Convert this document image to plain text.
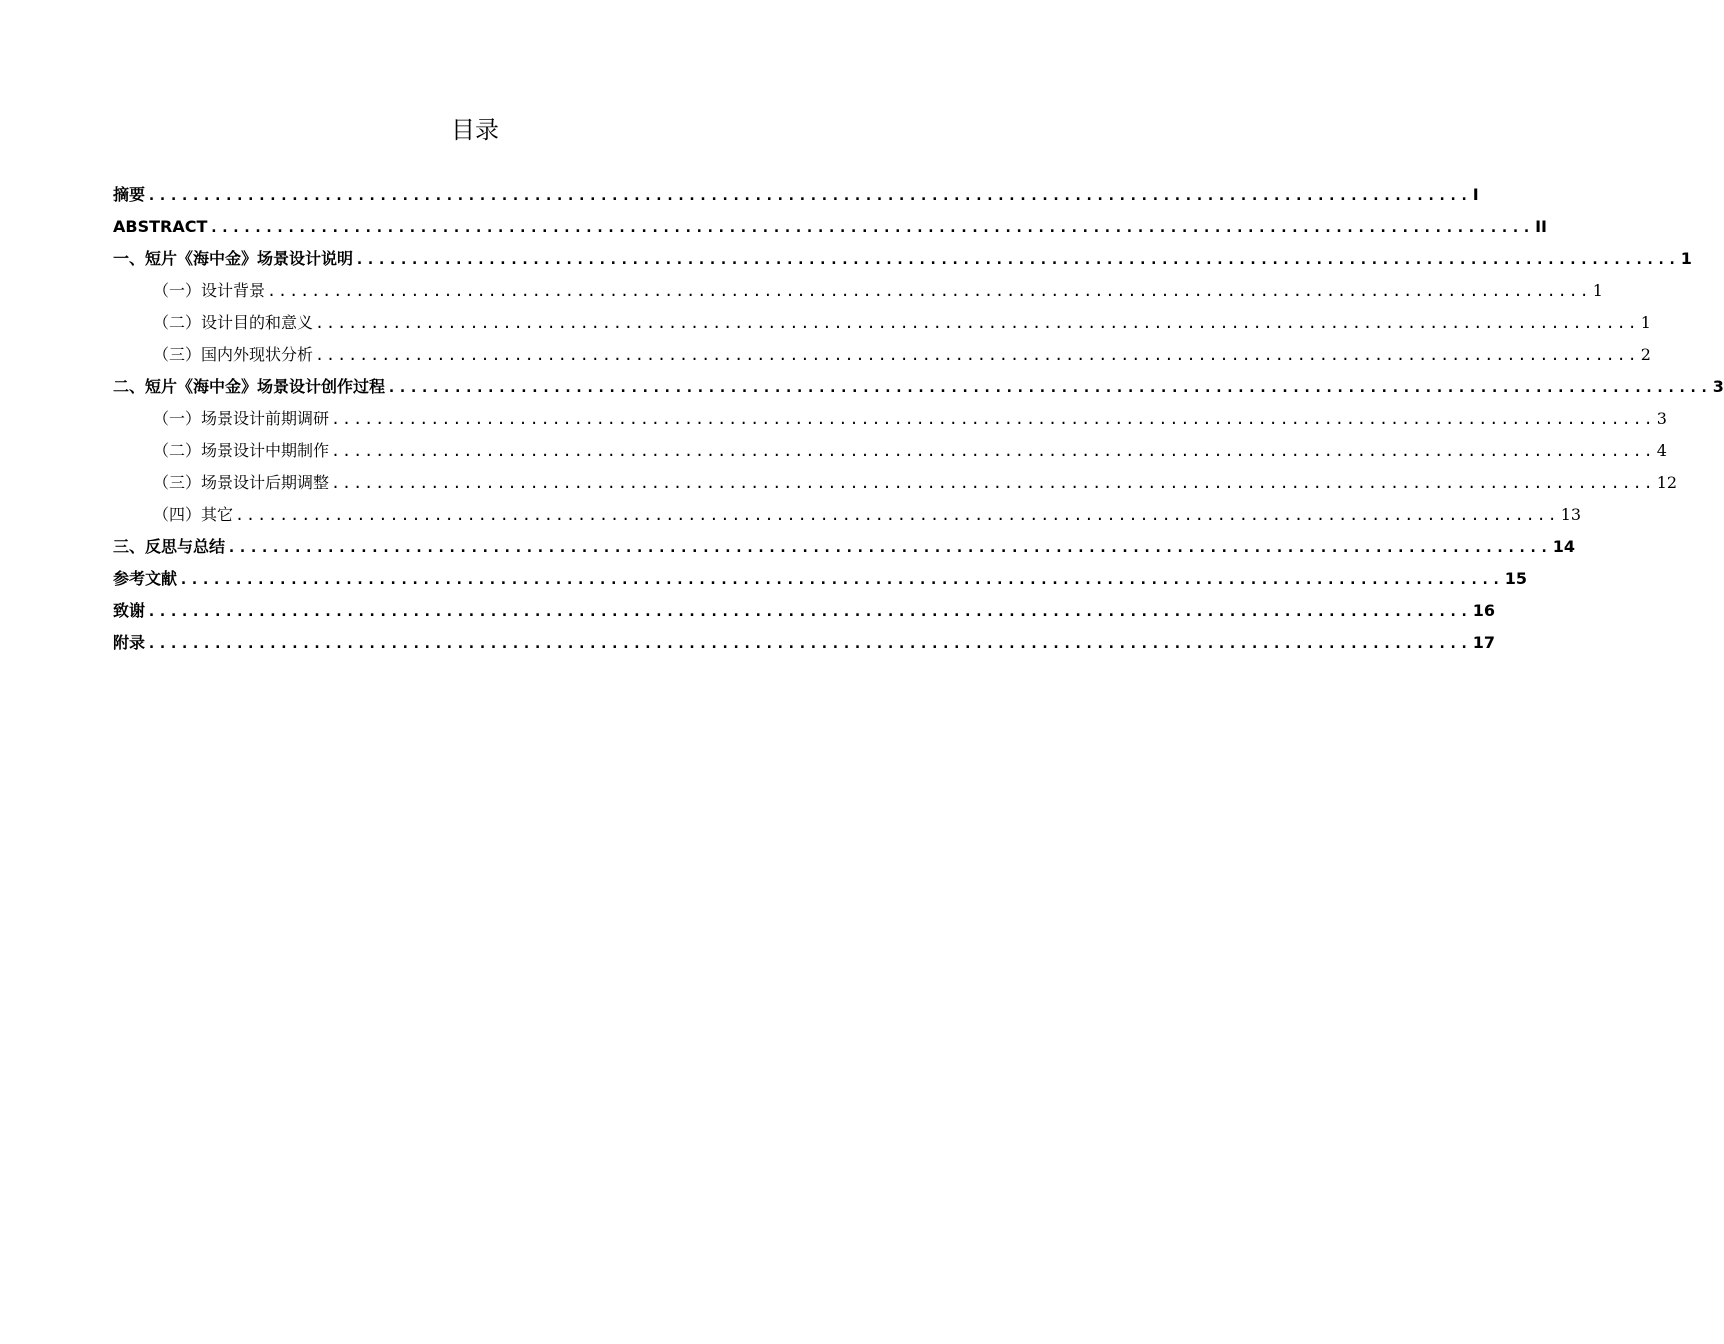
目录
摘要 ........................................................................................................................ I
ABSTRACT ........................................................................................................................ II
一、短片《海中金》场景设计说明 ........................................................................................................................ 1
（一）设计背景 ........................................................................................................................ 1
（二）设计目的和意义 ........................................................................................................................ 1
（三）国内外现状分析 ........................................................................................................................ 2
二、短片《海中金》场景设计创作过程 ........................................................................................................................ 3
（一）场景设计前期调研 ........................................................................................................................ 3
（二）场景设计中期制作 ........................................................................................................................ 4
（三）场景设计后期调整 ........................................................................................................................ 12
（四）其它 ........................................................................................................................ 13
三、反思与总结 ........................................................................................................................ 14
参考文献 ........................................................................................................................ 15
致谢 ........................................................................................................................ 16
附录 ........................................................................................................................ 17
